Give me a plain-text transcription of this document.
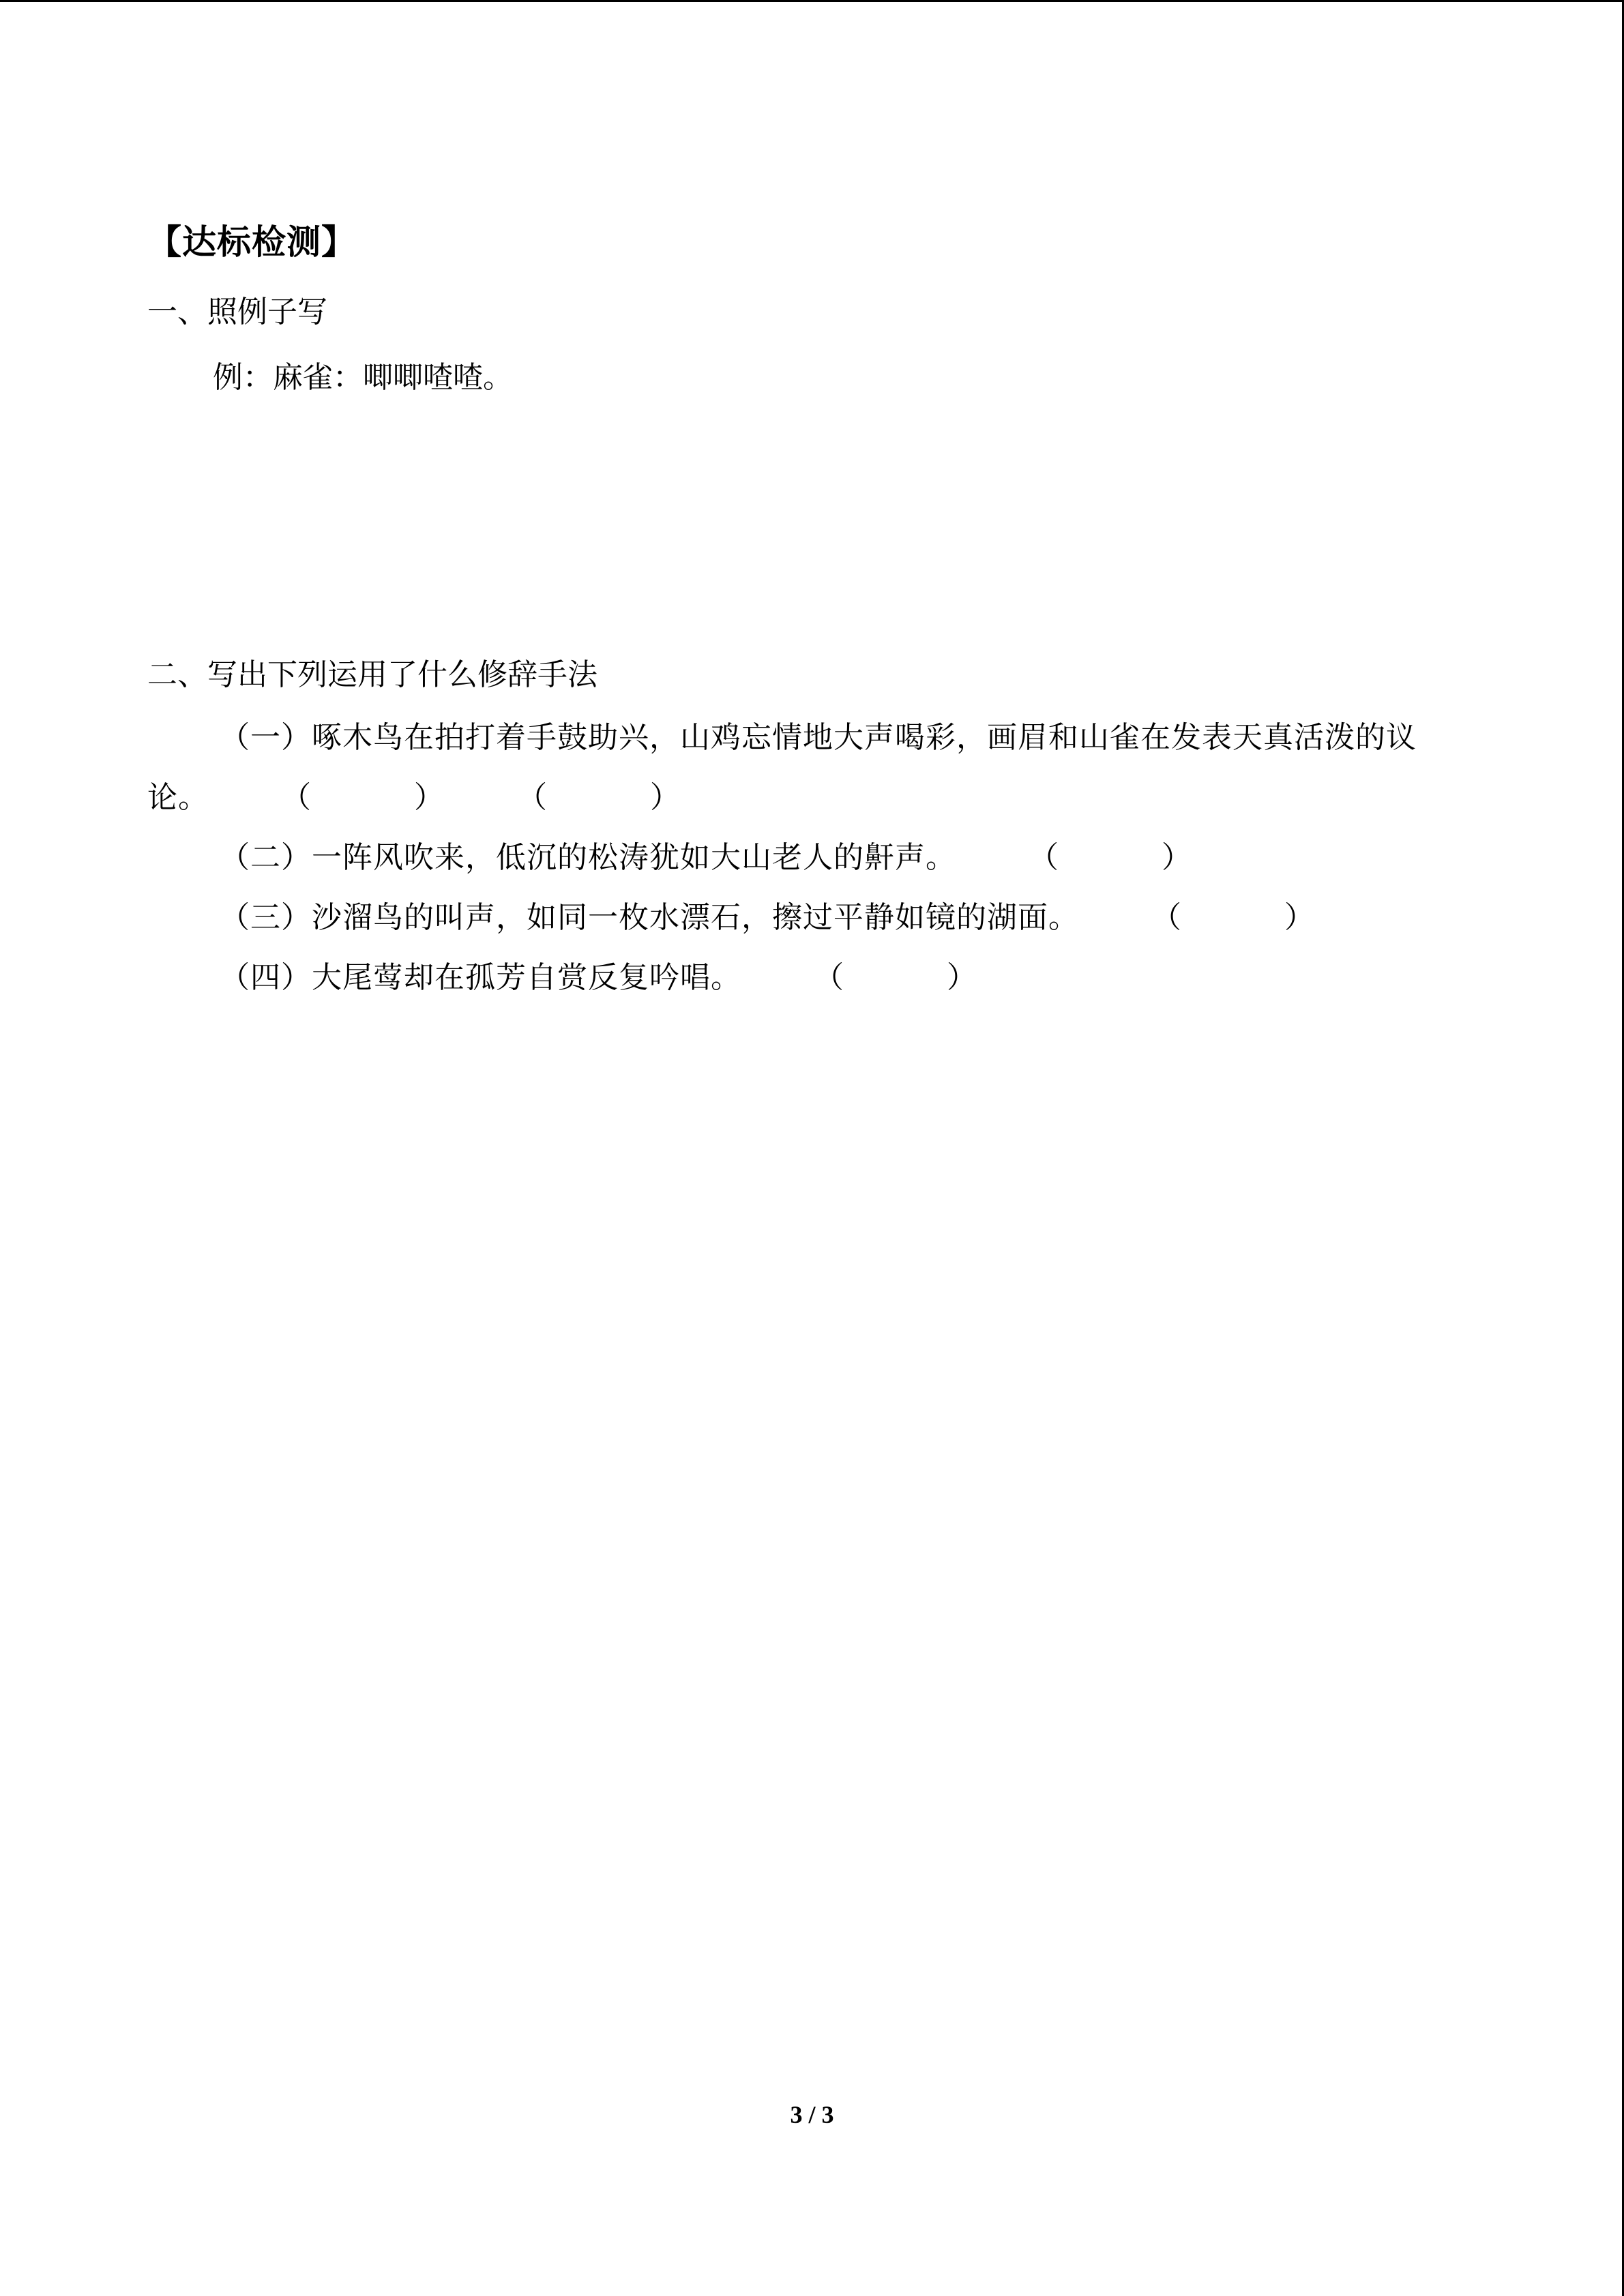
【达标检测】

一、照例子写

例：麻雀：唧唧喳喳。

二、写出下列运用了什么修辞手法

（一）啄木鸟在拍打着手鼓助兴，山鸡忘情地大声喝彩，画眉和山雀在发表天真活泼的议论。 （	） （	）

（二）一阵风吹来，低沉的松涛犹如大山老人的鼾声。 （	）

（三）沙溜鸟的叫声，如同一枚水漂石，擦过平静如镜的湖面。 （	）

（四）大尾莺却在孤芳自赏反复吟唱。 （	）

3 / 3
